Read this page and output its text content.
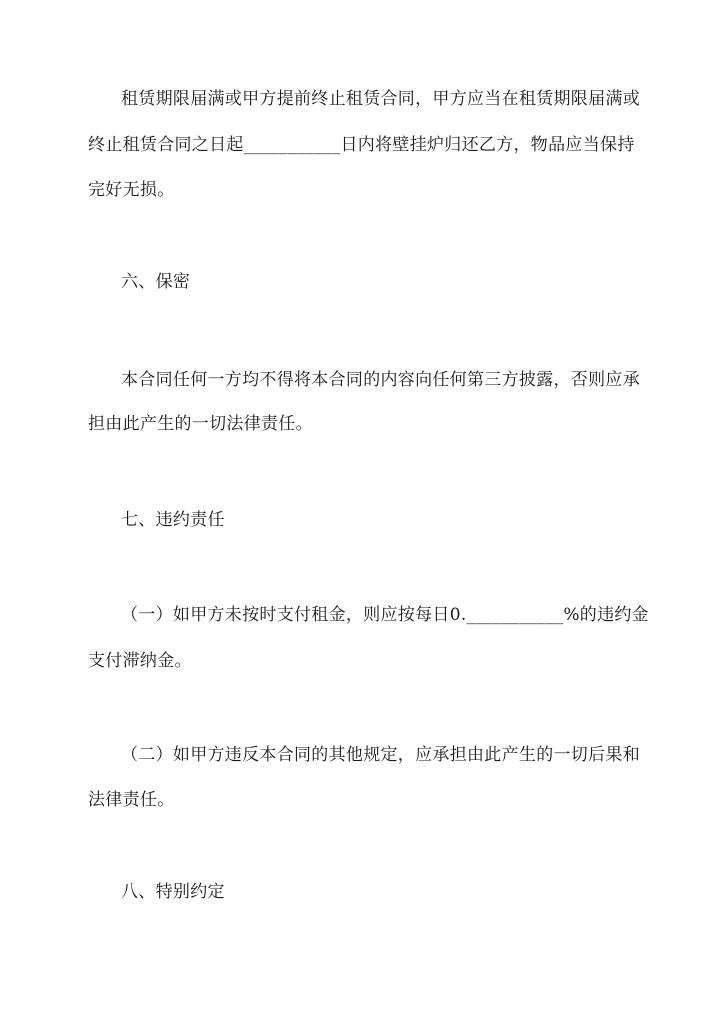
租赁期限届满或甲方提前终止租赁合同，甲方应当在租赁期限届满或
终止租赁合同之日起___________日内将壁挂炉归还乙方，物品应当保持
完好无损。
六、保密
本合同任何一方均不得将本合同的内容向任何第三方披露，否则应承
担由此产生的一切法律责任。
七、违约责任
（一）如甲方未按时支付租金，则应按每日0.___________%的违约金
支付滞纳金。
（二）如甲方违反本合同的其他规定，应承担由此产生的一切后果和
法律责任。
八、特别约定
